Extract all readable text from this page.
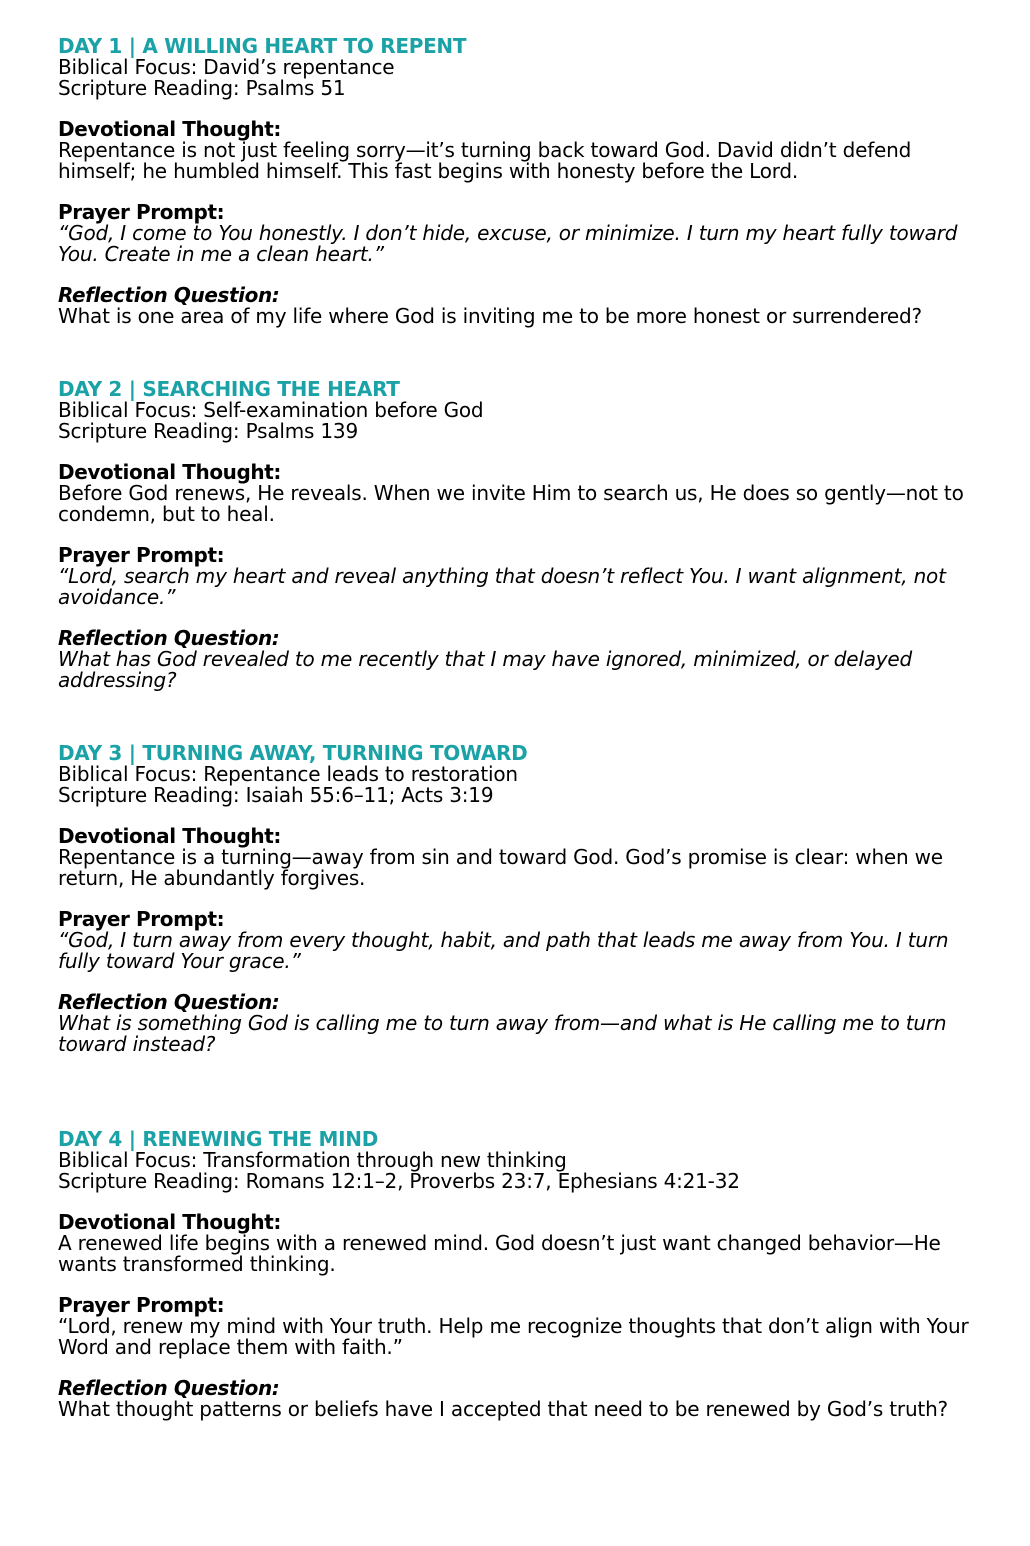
DAY 1 | A WILLING HEART TO REPENT

Biblical Focus: David’s repentance

Scripture Reading: Psalms 51

Devotional Thought:

Repentance is not just feeling sorry—it’s turning back toward God. David didn’t defend himself; he humbled himself. This fast begins with honesty before the Lord.

Prayer Prompt:

“God, I come to You honestly. I don’t hide, excuse, or minimize. I turn my heart fully toward You. Create in me a clean heart.”

Reflection Question:

What is one area of my life where God is inviting me to be more honest or surrendered?

DAY 2 | SEARCHING THE HEART

Biblical Focus: Self-examination before God

Scripture Reading: Psalms 139

Devotional Thought:

Before God renews, He reveals. When we invite Him to search us, He does so gently—not to condemn, but to heal.

Prayer Prompt:

“Lord, search my heart and reveal anything that doesn’t reflect You. I want alignment, not avoidance.”

Reflection Question:

What has God revealed to me recently that I may have ignored, minimized, or delayed addressing?

DAY 3 | TURNING AWAY, TURNING TOWARD

Biblical Focus: Repentance leads to restoration

Scripture Reading: Isaiah 55:6–11; Acts 3:19

Devotional Thought:

Repentance is a turning—away from sin and toward God. God’s promise is clear: when we return, He abundantly forgives.

Prayer Prompt:

“God, I turn away from every thought, habit, and path that leads me away from You. I turn fully toward Your grace.”

Reflection Question:

What is something God is calling me to turn away from—and what is He calling me to turn toward instead?

DAY 4 | RENEWING THE MIND

Biblical Focus: Transformation through new thinking

Scripture Reading: Romans 12:1–2, Proverbs 23:7, Ephesians 4:21-32

Devotional Thought:

A renewed life begins with a renewed mind. God doesn’t just want changed behavior—He wants transformed thinking.

Prayer Prompt:

“Lord, renew my mind with Your truth. Help me recognize thoughts that don’t align with Your Word and replace them with faith.”

Reflection Question:

What thought patterns or beliefs have I accepted that need to be renewed by God’s truth?
